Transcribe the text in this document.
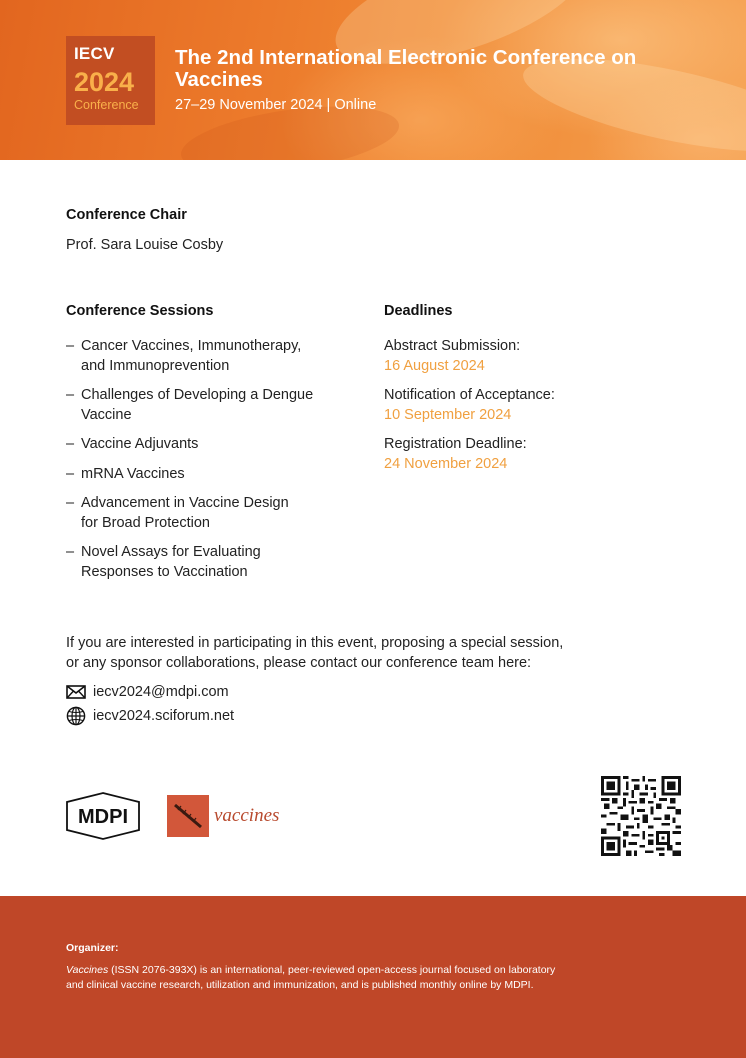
IECV
2024
Conference
The 2nd International Electronic Conference on Vaccines
27–29 November 2024 | Online
Conference Chair
Prof. Sara Louise Cosby
Conference Sessions
– Cancer Vaccines, Immunotherapy,
and Immunoprevention
– Challenges of Developing a Dengue
Vaccine
– Vaccine Adjuvants
– mRNA Vaccines
– Advancement in Vaccine Design
for Broad Protection
– Novel Assays for Evaluating
Responses to Vaccination
Deadlines
Abstract Submission:
16 August 2024
Notification of Acceptance:
10 September 2024
Registration Deadline:
24 November 2024
If you are interested in participating in this event, proposing a special session,
or any sponsor collaborations, please contact our conference team here:
iecv2024@mdpi.com
iecv2024.sciforum.net
MDPI	vaccines
Organizer:
Vaccines (ISSN 2076-393X) is an international, peer-reviewed open-access journal focused on laboratory
and clinical vaccine research, utilization and immunization, and is published monthly online by MDPI.
